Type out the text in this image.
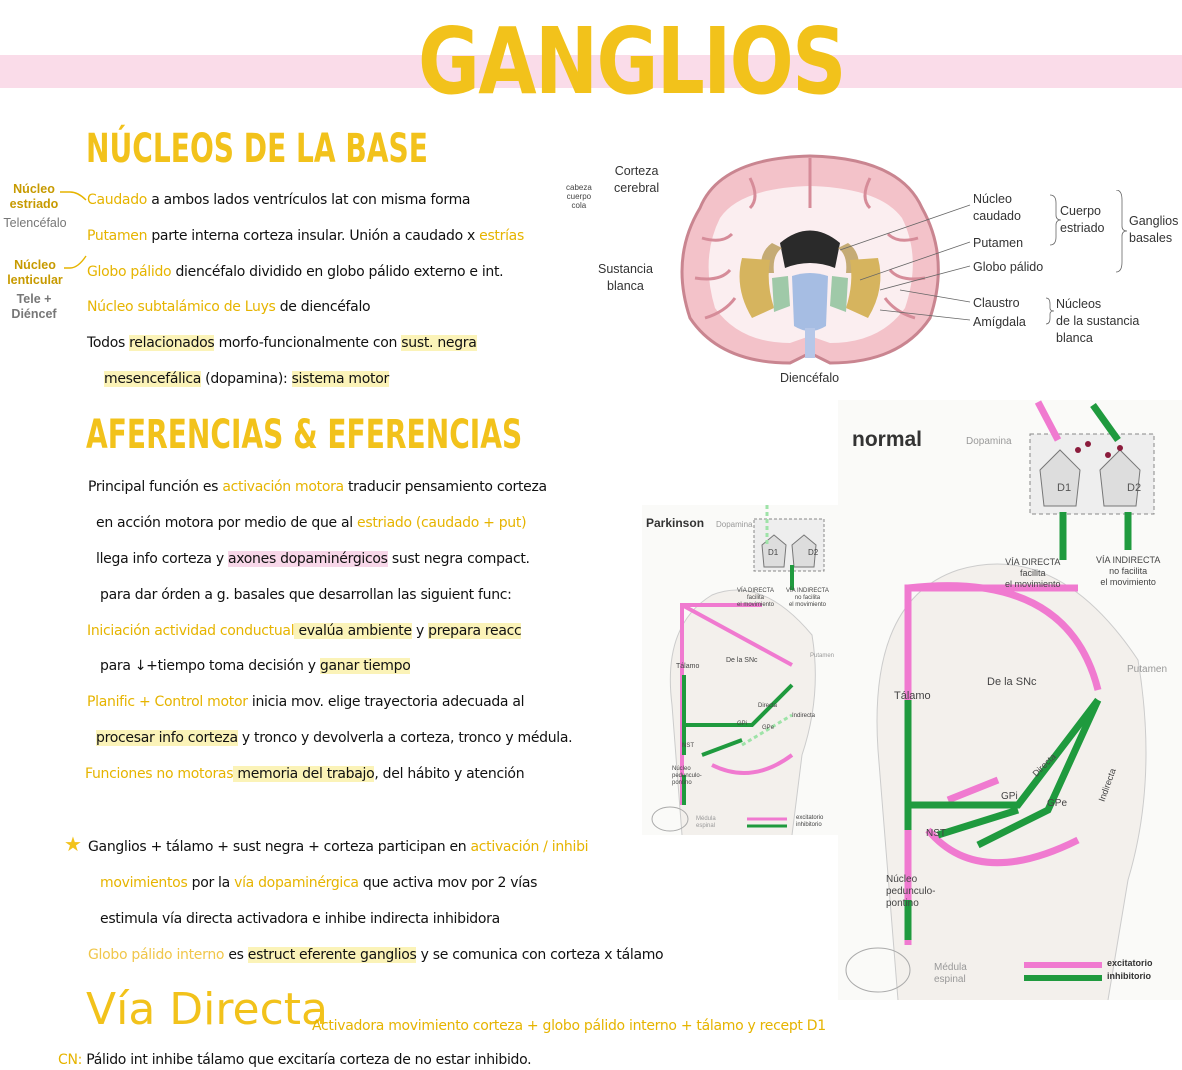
GANGLIOS
NÚCLEOS DE LA BASE
Núcleo
estriado
Telencéfalo
Núcleo
lenticular
Tele +
Diéncef
Caudado a ambos lados ventrículos lat con misma forma
cabeza
cuerpo
cola
Putamen parte interna corteza insular. Unión a caudado x estrías
Globo pálido diencéfalo dividido en globo pálido externo e int.
Núcleo subtalámico de Luys de diencéfalo
Todos relacionados morfo-funcionalmente con sust. negra
mesencefálica (dopamina): sistema motor
Corteza
cerebral
Sustancia
blanca
Diencéfalo
Núcleo
caudado
Putamen
Globo pálido
Claustro
Amígdala
Cuerpo
estriado Ganglios
basales
Núcleos
de la sustancia
blanca
AFERENCIAS & EFERENCIAS
Principal función es activación motora traducir pensamiento corteza
en acción motora por medio de que al estriado (caudado + put)
llega info corteza y axones dopaminérgicos sust negra compact.
para dar órden a g. basales que desarrollan las siguient func:
Iniciación actividad conductual evalúa ambiente y prepara reacc
para ↓+tiempo toma decisión y ganar tiempo
Planific + Control motor inicia mov. elige trayectoria adecuada al
procesar info corteza y tronco y devolverla a corteza, tronco y médula.
Funciones no motoras memoria del trabajo, del hábito y atención
Parkinson Dopamina
D1	D2
VÍA DIRECTA
facilita
el movimiento
VÍA INDIRECTA
no facilita
el movimiento
Tálamo
De la SNc
Putamen
Directa
Indirecta
GPi
GPe
NST
Núcleo
pedunculo-
pontino
Médula
espinal
excitatorio
inhibitorio
normal	Dopamina
D1	D2
VÍA DIRECTA
facilita
el movimiento
VÍA INDIRECTA
no facilita
el movimiento
Tálamo
De la SNc
Putamen
Directa
Indirecta
GPi
GPe
NST
Núcleo
pedunculo-
pontino
Médula
espinal
excitatorio
inhibitorio
★ Ganglios + tálamo + sust negra + corteza participan en activación / inhibi
movimientos por la vía dopaminérgica que activa mov por 2 vías
estimula vía directa activadora e inhibe indirecta inhibidora
Globo pálido interno es estruct eferente ganglios y se comunica con corteza x tálamo
Vía Directa
Activadora movimiento corteza + globo pálido interno + tálamo y recept D1
CN: Pálido int inhibe tálamo que excitaría corteza de no estar inhibido.
